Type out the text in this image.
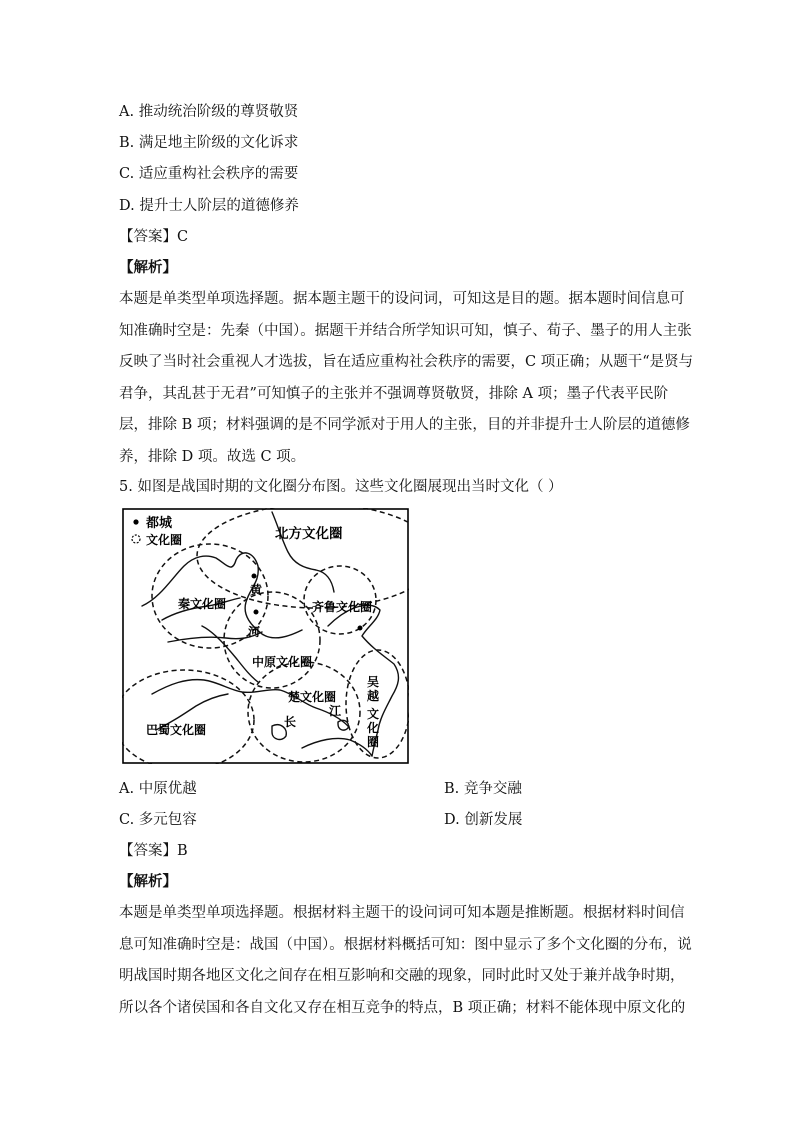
A. 推动统治阶级的尊贤敬贤
B. 满足地主阶级的文化诉求
C. 适应重构社会秩序的需要
D. 提升士人阶层的道德修养
【答案】C
【解析】
本题是单类型单项选择题。据本题主题干的设问词，可知这是目的题。据本题时间信息可
知准确时空是：先秦（中国）。据题干并结合所学知识可知，慎子、荀子、墨子的用人主张
反映了当时社会重视人才选拔，旨在适应重构社会秩序的需要，C 项正确；从题干“是贤与
君争，其乱甚于无君”可知慎子的主张并不强调尊贤敬贤，排除 A 项；墨子代表平民阶
层，排除 B 项；材料强调的是不同学派对于用人的主张，目的并非提升士人阶层的道德修
养，排除 D 项。故选 C 项。
5. 如图是战国时期的文化圈分布图。这些文化圈展现出当时文化（ ）
都城
文化圈	北方文化圈
秦文化圈	齐鲁文化圈
中原文化圈
楚文化圈
巴蜀文化圈
黄
河
长
江
吴
越
文
化
圈
A. 中原优越	B. 竞争交融
C. 多元包容	D. 创新发展
【答案】B
【解析】
本题是单类型单项选择题。根据材料主题干的设问词可知本题是推断题。根据材料时间信
息可知准确时空是：战国（中国）。根据材料概括可知：图中显示了多个文化圈的分布，说
明战国时期各地区文化之间存在相互影响和交融的现象，同时此时又处于兼并战争时期，
所以各个诸侯国和各自文化又存在相互竞争的特点，B 项正确；材料不能体现中原文化的
